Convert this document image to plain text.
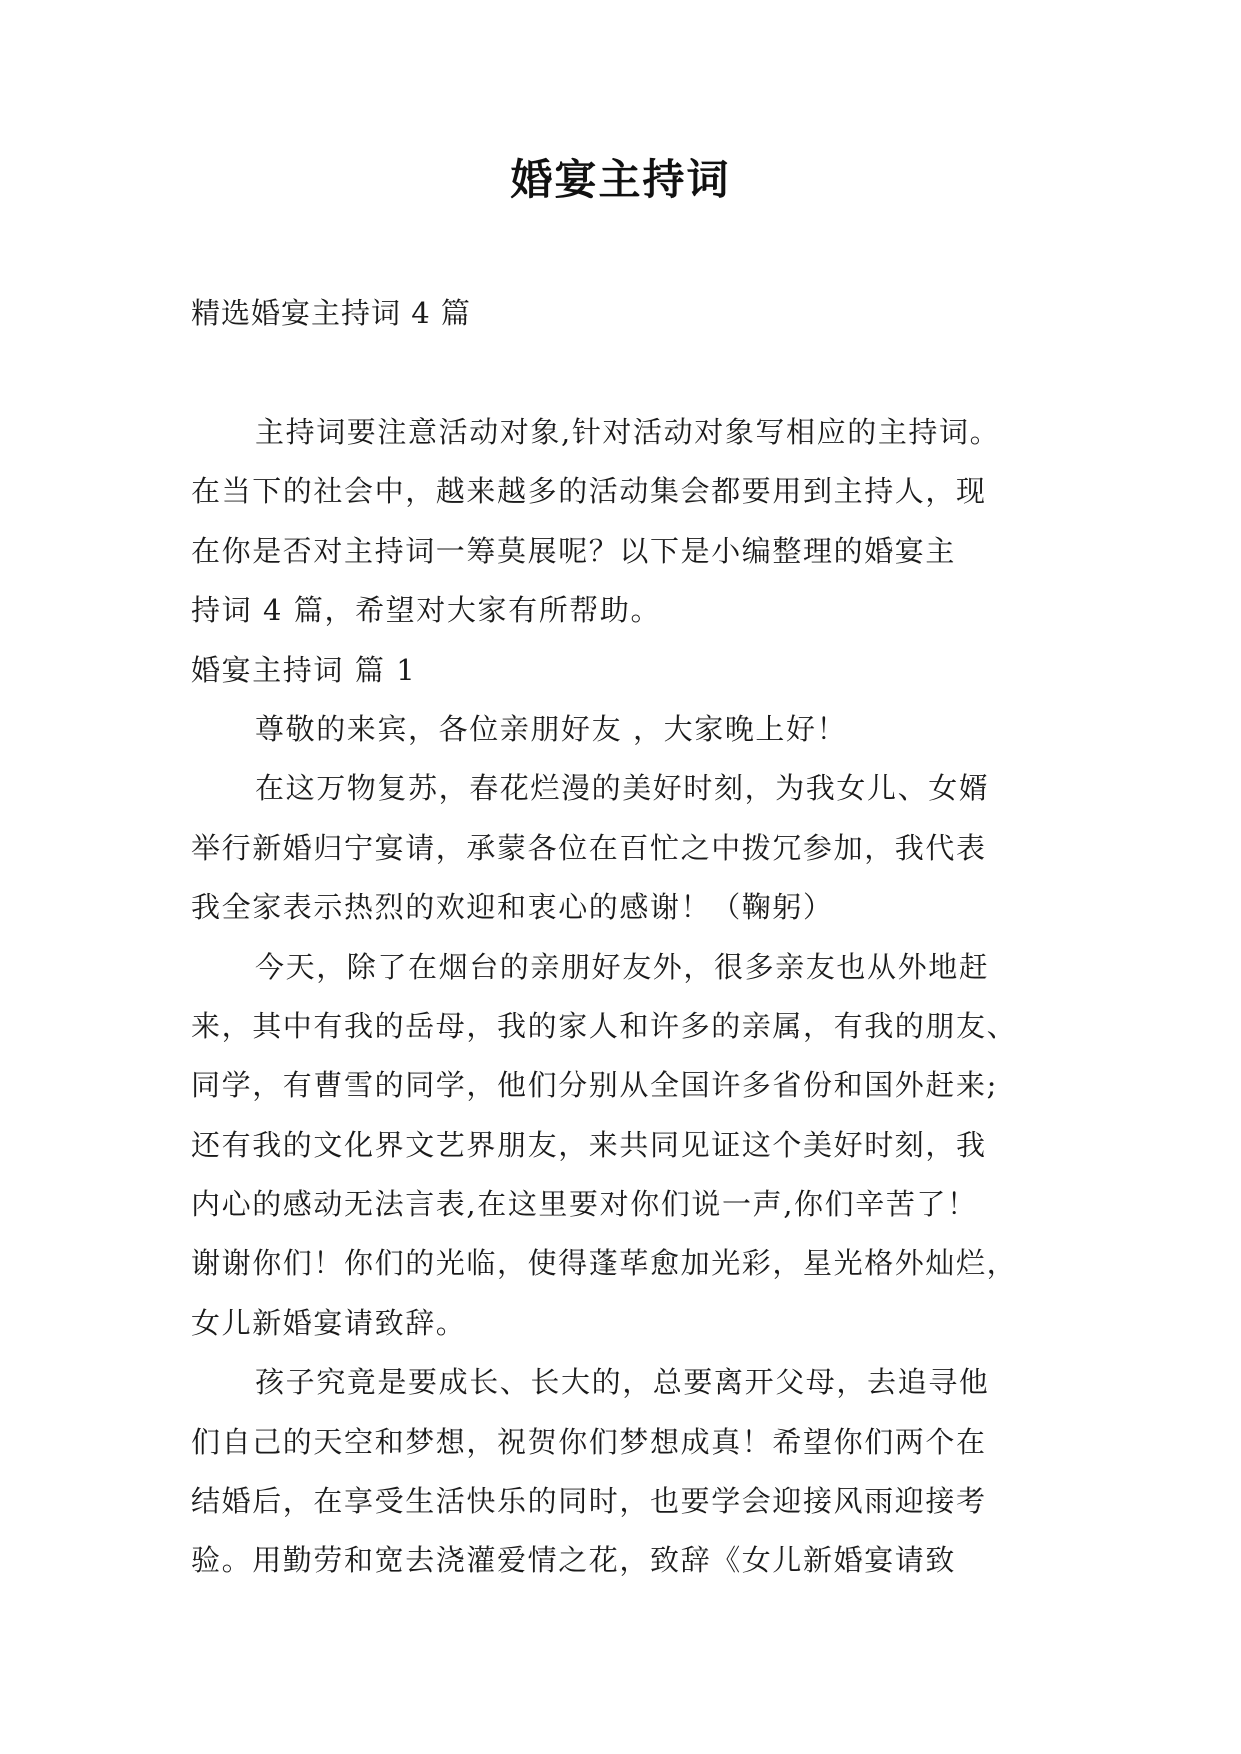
婚宴主持词
精选婚宴主持词 4 篇
主持词要注意活动对象,针对活动对象写相应的主持词。
在当下的社会中，越来越多的活动集会都要用到主持人，现
在你是否对主持词一筹莫展呢？以下是小编整理的婚宴主
持词 4 篇，希望对大家有所帮助。
婚宴主持词 篇 1
尊敬的来宾，各位亲朋好友 ，大家晚上好！
在这万物复苏，春花烂漫的美好时刻，为我女儿、女婿
举行新婚归宁宴请，承蒙各位在百忙之中拨冗参加，我代表
我全家表示热烈的欢迎和衷心的感谢！（鞠躬）
今天，除了在烟台的亲朋好友外，很多亲友也从外地赶
来，其中有我的岳母，我的家人和许多的亲属，有我的朋友、
同学，有曹雪的同学，他们分别从全国许多省份和国外赶来;
还有我的文化界文艺界朋友，来共同见证这个美好时刻，我
内心的感动无法言表,在这里要对你们说一声,你们辛苦了！
谢谢你们！你们的光临，使得蓬荜愈加光彩，星光格外灿烂，
女儿新婚宴请致辞。
孩子究竟是要成长、长大的，总要离开父母，去追寻他
们自己的天空和梦想，祝贺你们梦想成真！希望你们两个在
结婚后，在享受生活快乐的同时，也要学会迎接风雨迎接考
验。用勤劳和宽去浇灌爱情之花，致辞《女儿新婚宴请致
